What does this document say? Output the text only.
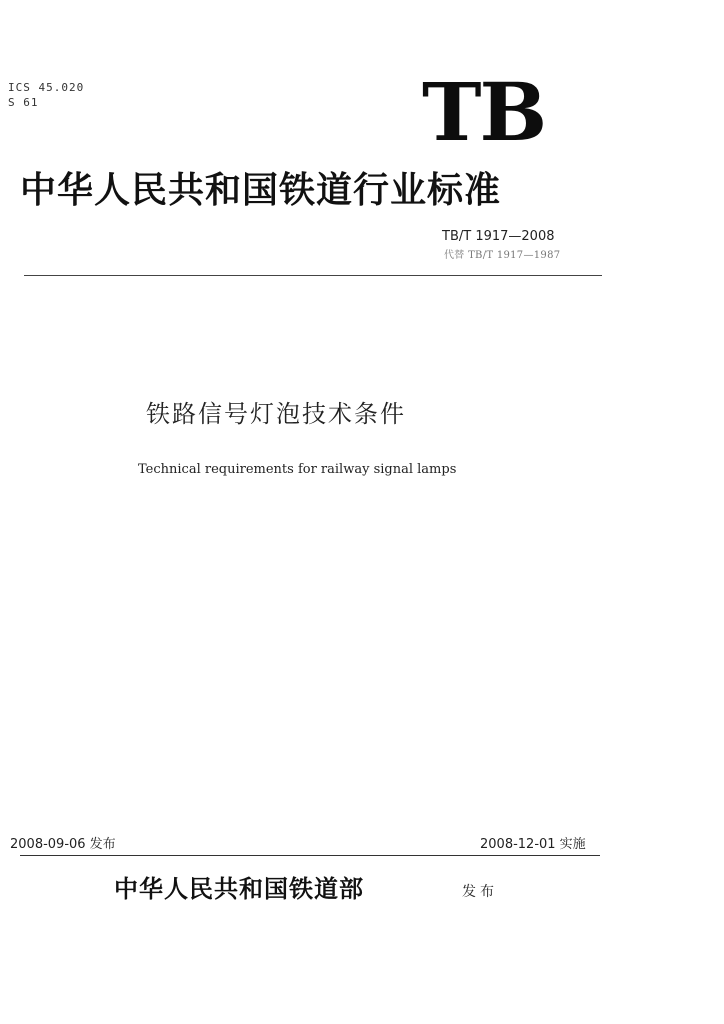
ICS 45.020
S 61	TB
中华人民共和国铁道行业标准
TB/T 1917—2008
代替 TB/T 1917—1987
铁路信号灯泡技术条件
Technical requirements for railway signal lamps
2008-09-06 发布	2008-12-01 实施
中华人民共和国铁道部	发布
